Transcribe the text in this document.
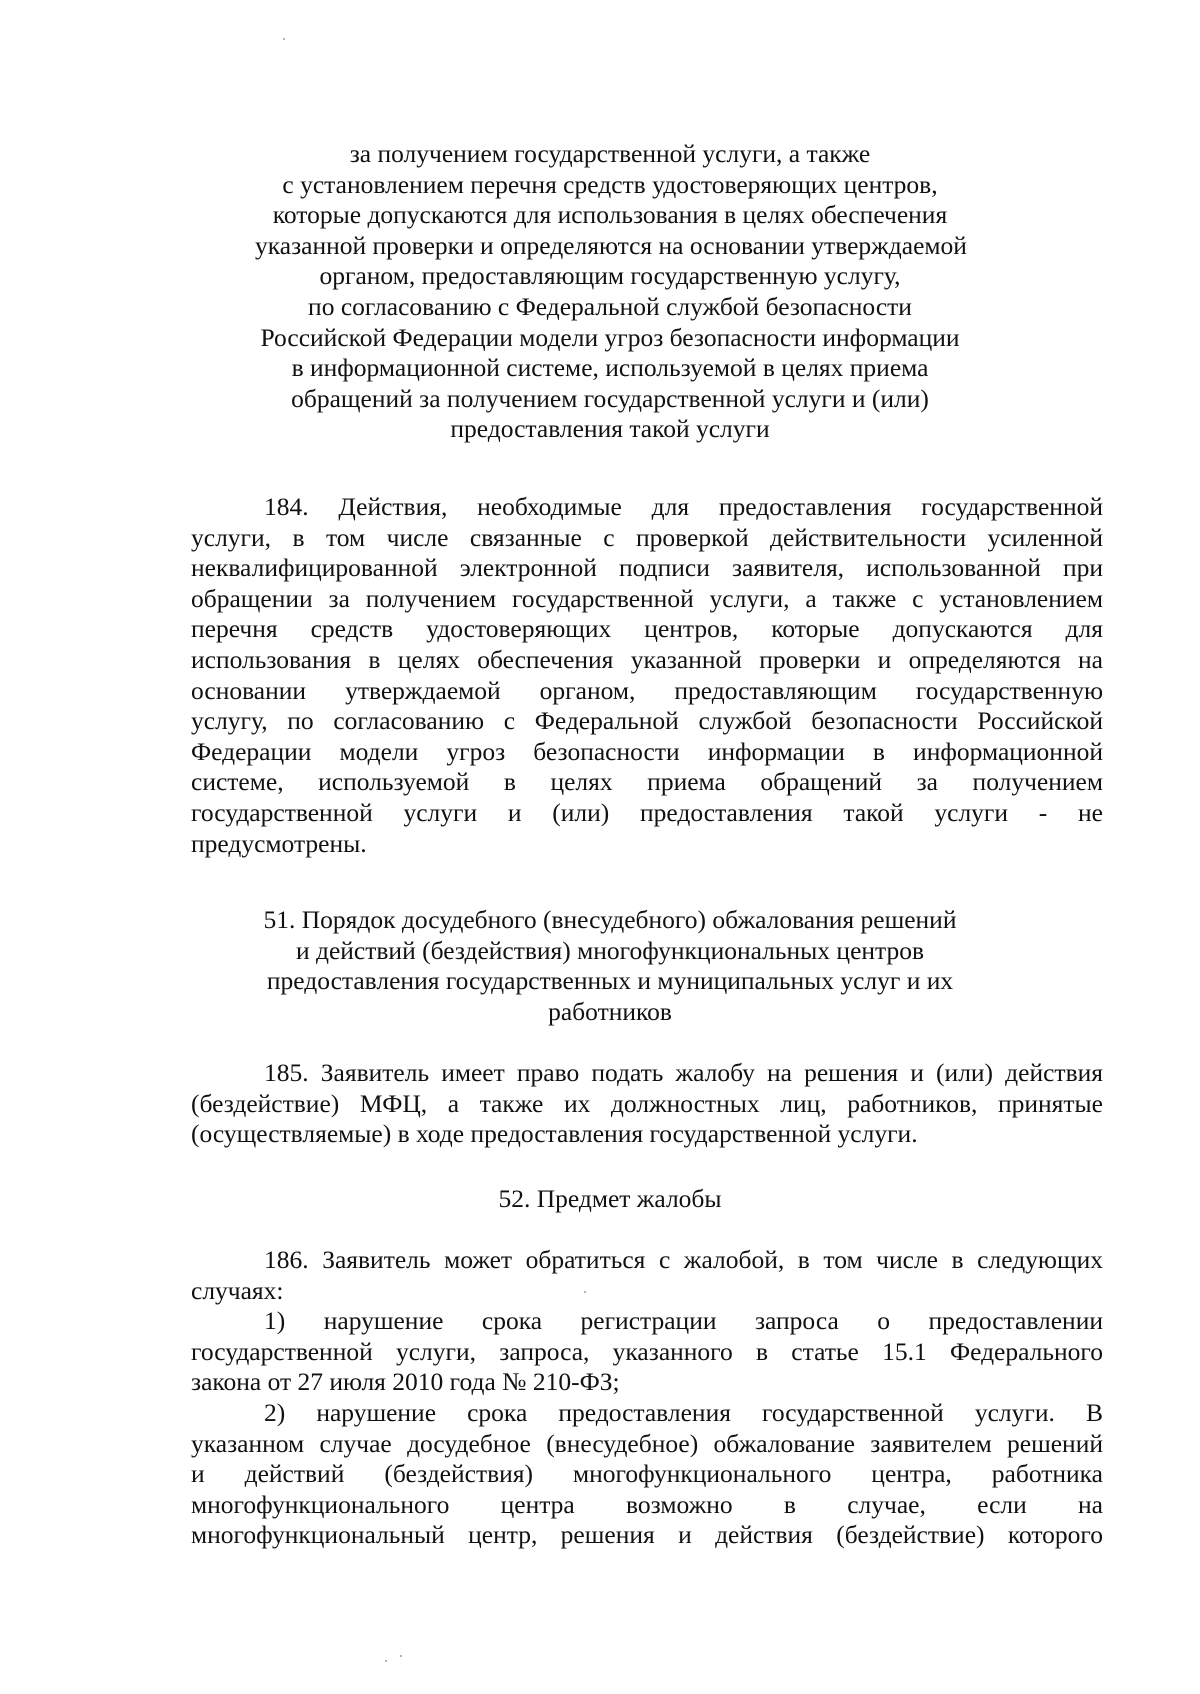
за получением государственной услуги, а также
с установлением перечня средств удостоверяющих центров,
которые допускаются для использования в целях обеспечения
указанной проверки и определяются на основании утверждаемой
органом, предоставляющим государственную услугу,
по согласованию с Федеральной службой безопасности
Российской Федерации модели угроз безопасности информации
в информационной системе, используемой в целях приема
обращений за получением государственной услуги и (или)
предоставления такой услуги
184. Действия, необходимые для предоставления государственной
услуги, в том числе связанные с проверкой действительности усиленной
неквалифицированной электронной подписи заявителя, использованной при
обращении за получением государственной услуги, а также с установлением
перечня средств удостоверяющих центров, которые допускаются для
использования в целях обеспечения указанной проверки и определяются на
основании утверждаемой органом, предоставляющим государственную
услугу, по согласованию с Федеральной службой безопасности Российской
Федерации модели угроз безопасности информации в информационной
системе, используемой в целях приема обращений за получением
государственной услуги и (или) предоставления такой услуги - не
предусмотрены.
51. Порядок досудебного (внесудебного) обжалования решений
и действий (бездействия) многофункциональных центров
предоставления государственных и муниципальных услуг и их
работников
185. Заявитель имеет право подать жалобу на решения и (или) действия
(бездействие) МФЦ, а также их должностных лиц, работников, принятые
(осуществляемые) в ходе предоставления государственной услуги.
52. Предмет жалобы
186. Заявитель может обратиться с жалобой, в том числе в следующих
случаях:
1) нарушение срока регистрации запроса о предоставлении
государственной услуги, запроса, указанного в статье 15.1 Федерального
закона от 27 июля 2010 года № 210-ФЗ;
2) нарушение срока предоставления государственной услуги. В
указанном случае досудебное (внесудебное) обжалование заявителем решений
и действий (бездействия) многофункционального центра, работника
многофункционального центра возможно в случае, если на
многофункциональный центр, решения и действия (бездействие) которого
